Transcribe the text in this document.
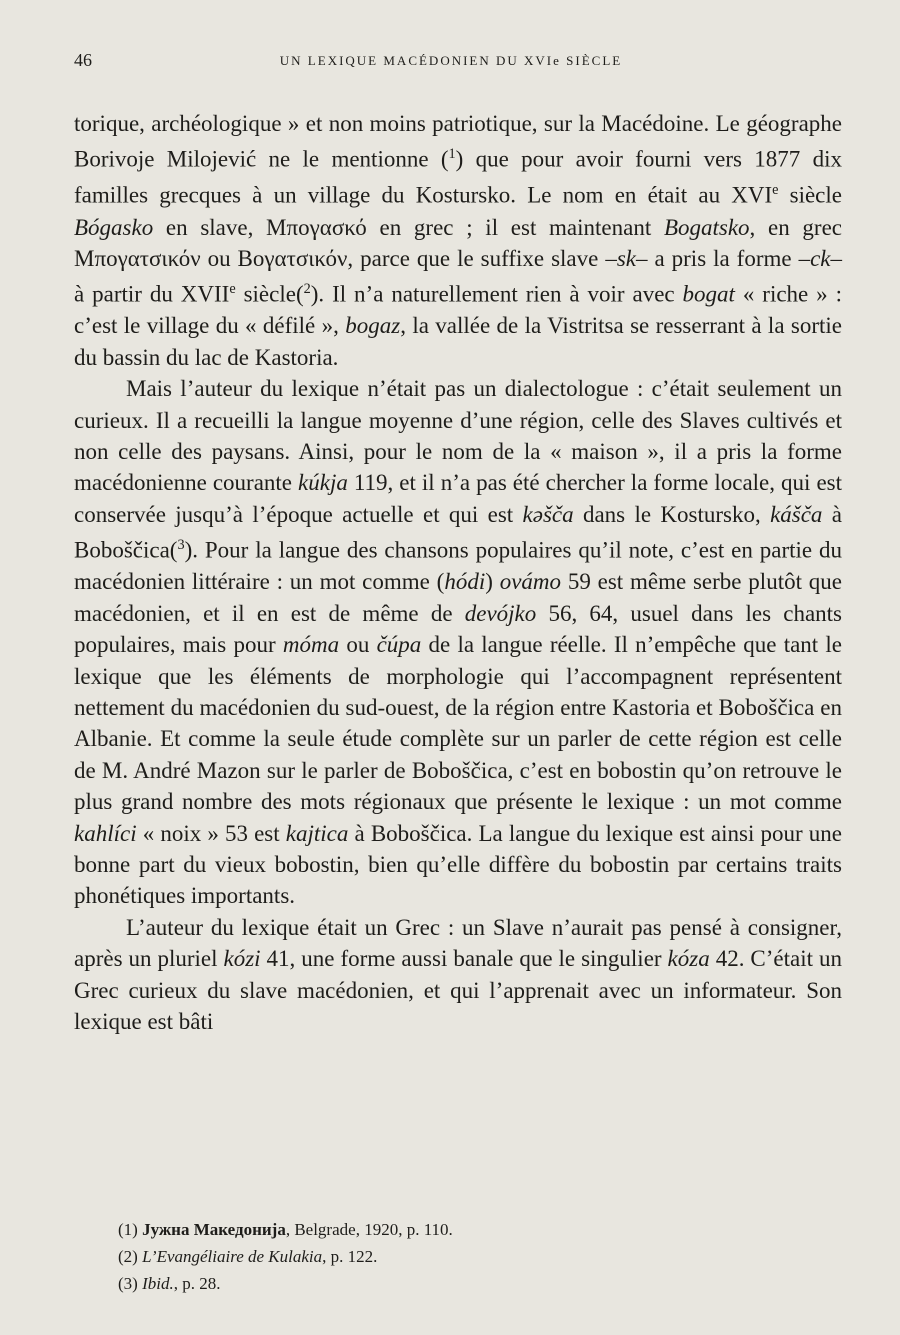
46	UN LEXIQUE MACÉDONIEN DU XVIe SIÈCLE

torique, archéologique » et non moins patriotique, sur la Macédoine. Le géographe Borivoje Milojević ne le mentionne ($^1$) que pour avoir fourni vers 1877 dix familles grecques à un village du Kostursko. Le nom en était au XVIe siècle Bógasko en slave, Μπογασκό en grec ; il est maintenant Bogatsko, en grec Μπογατσικόν ou Βογατσικόν, parce que le suffixe slave –sk– a pris la forme –ck– à partir du XVIIe siècle($^2$). Il n’a naturellement rien à voir avec bogat « riche » : c’est le village du « défilé », bogaz, la vallée de la Vistritsa se resserrant à la sortie du bassin du lac de Kastoria.

Mais l’auteur du lexique n’était pas un dialectologue : c’était seulement un curieux. Il a recueilli la langue moyenne d’une région, celle des Slaves cultivés et non celle des paysans. Ainsi, pour le nom de la « maison », il a pris la forme macédonienne courante kúkja 119, et il n’a pas été chercher la forme locale, qui est conservée jusqu’à l’époque actuelle et qui est kǝšča dans le Kostursko, kášča à Boboščica($^3$). Pour la langue des chansons populaires qu’il note, c’est en partie du macédonien littéraire : un mot comme (hódi) ovámo 59 est même serbe plutôt que macédonien, et il en est de même de devójko 56, 64, usuel dans les chants populaires, mais pour móma ou čúpa de la langue réelle. Il n’empêche que tant le lexique que les éléments de morphologie qui l’accompagnent représentent nettement du macédonien du sud-ouest, de la région entre Kastoria et Boboščica en Albanie. Et comme la seule étude complète sur un parler de cette région est celle de M. André Mazon sur le parler de Boboščica, c’est en bobostin qu’on retrouve le plus grand nombre des mots régionaux que présente le lexique : un mot comme kahlíci « noix » 53 est kajtica à Boboščica. La langue du lexique est ainsi pour une bonne part du vieux bobostin, bien qu’elle diffère du bobostin par certains traits phonétiques importants.

L’auteur du lexique était un Grec : un Slave n’aurait pas pensé à consigner, après un pluriel kózi 41, une forme aussi banale que le singulier kóza 42. C’était un Grec curieux du slave macédonien, et qui l’apprenait avec un informateur. Son lexique est bâti

(1) Јужна Македонија, Belgrade, 1920, p. 110.

(2) L’Evangéliaire de Kulakia, p. 122.

(3) Ibid., p. 28.
